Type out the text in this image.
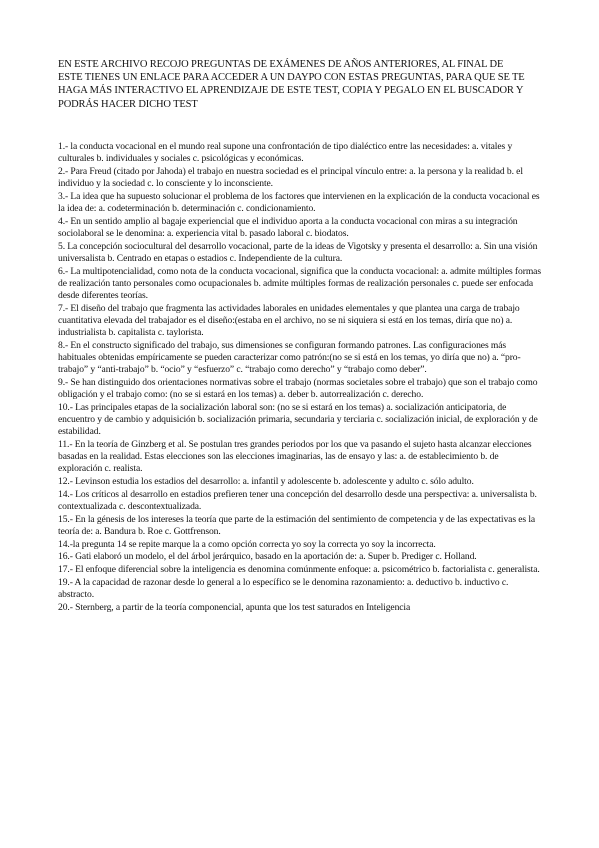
EN ESTE ARCHIVO RECOJO PREGUNTAS DE EXÁMENES DE AÑOS ANTERIORES, AL FINAL DE ESTE TIENES UN ENLACE PARA ACCEDER A UN DAYPO CON ESTAS PREGUNTAS, PARA QUE SE TE HAGA MÁS INTERACTIVO EL APRENDIZAJE DE ESTE TEST, COPIA Y PEGALO EN EL BUSCADOR Y PODRÁS HACER DICHO TEST
1.- la conducta vocacional en el mundo real supone una confrontación de tipo dialéctico entre las necesidades: a. vitales y culturales b. individuales y sociales c. psicológicas y económicas.
2.- Para Freud (citado por Jahoda) el trabajo en nuestra sociedad es el principal vínculo entre: a. la persona y la realidad b. el individuo y la sociedad c. lo consciente y lo inconsciente.
3.- La idea que ha supuesto solucionar el problema de los factores que intervienen en la explicación de la conducta vocacional es la idea de: a. codeterminación b. determinación c. condicionamiento.
4.- En un sentido amplio al bagaje experiencial que el individuo aporta a la conducta vocacional con miras a su integración sociolaboral se le denomina: a. experiencia vital b. pasado laboral c. biodatos.
5. La concepción sociocultural del desarrollo vocacional, parte de la ideas de Vigotsky y presenta el desarrollo: a. Sin una visión universalista b. Centrado en etapas o estadios c. Independiente de la cultura.
6.- La multipotencialidad, como nota de la conducta vocacional, significa que la conducta vocacional: a. admite múltiples formas de realización tanto personales como ocupacionales b. admite múltiples formas de realización personales c. puede ser enfocada desde diferentes teorías.
7.- El diseño del trabajo que fragmenta las actividades laborales en unidades elementales y que plantea una carga de trabajo cuantitativa elevada del trabajador es el diseño:(estaba en el archivo, no se ni siquiera si está en los temas, diría que no) a. industrialista b. capitalista c. taylorista.
8.- En el constructo significado del trabajo, sus dimensiones se configuran formando patrones. Las configuraciones más habituales obtenidas empíricamente se pueden caracterizar como patrón:(no se si está en los temas, yo diría que no) a. “pro-trabajo” y “anti-trabajo” b. “ocio” y “esfuerzo” c. “trabajo como derecho” y “trabajo como deber”.
9.- Se han distinguido dos orientaciones normativas sobre el trabajo (normas societales sobre el trabajo) que son el trabajo como obligación y el trabajo como: (no se si estará en los temas) a. deber b. autorrealización c. derecho.
10.- Las principales etapas de la socialización laboral son: (no se si estará en los temas) a. socialización anticipatoria, de encuentro y de cambio y adquisición b. socialización primaria, secundaria y terciaria c. socialización inicial, de exploración y de estabilidad.
11.- En la teoría de Ginzberg et al. Se postulan tres grandes periodos por los que va pasando el sujeto hasta alcanzar elecciones basadas en la realidad. Estas elecciones son las elecciones imaginarias, las de ensayo y las: a. de establecimiento b. de exploración c. realista.
12.- Levinson estudia los estadios del desarrollo: a. infantil y adolescente b. adolescente y adulto c. sólo adulto.
14.- Los críticos al desarrollo en estadios prefieren tener una concepción del desarrollo desde una perspectiva: a. universalista b. contextualizada c. descontextualizada.
15.- En la génesis de los intereses la teoría que parte de la estimación del sentimiento de competencia y de las expectativas es la teoría de: a. Bandura b. Roe c. Gottfrenson.
14.-la pregunta 14 se repite marque la a como opción correcta yo soy la correcta yo soy la incorrecta.
16.- Gati elaboró un modelo, el del árbol jerárquico, basado en la aportación de: a. Super b. Prediger c. Holland.
17.- El enfoque diferencial sobre la inteligencia es denomina comúnmente enfoque: a. psicométrico b. factorialista c. generalista.
19.- A la capacidad de razonar desde lo general a lo específico se le denomina razonamiento: a. deductivo b. inductivo c. abstracto.
20.- Sternberg, a partir de la teoría componencial, apunta que los test saturados en Inteligencia
